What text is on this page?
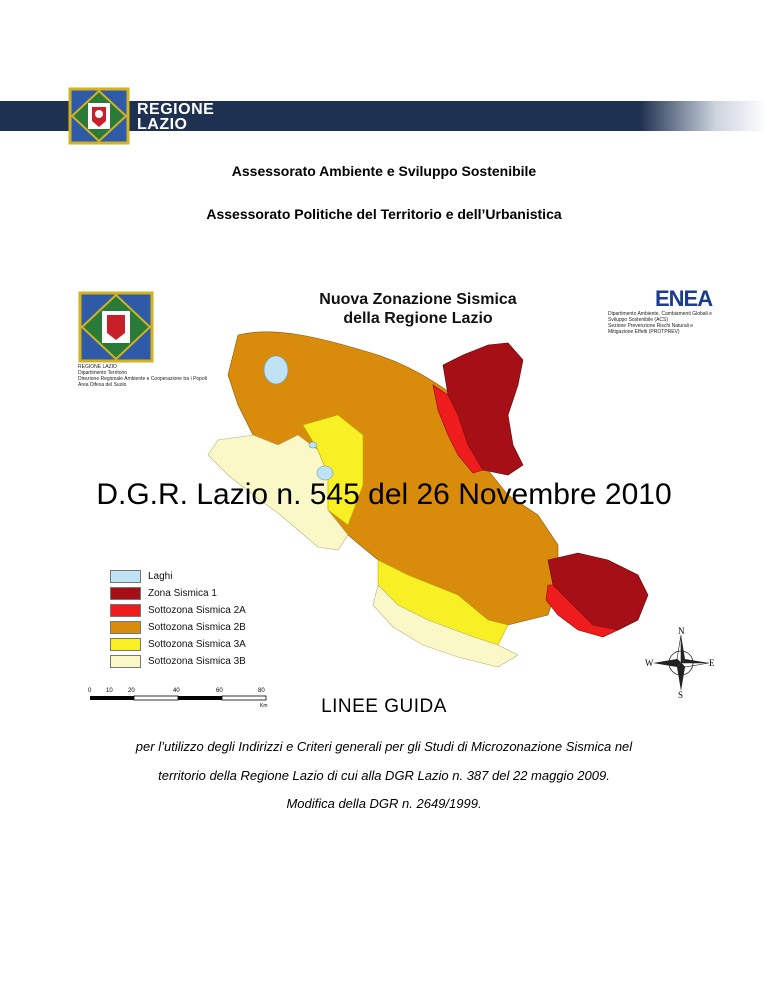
REGIONE
LAZIO
Assessorato Ambiente e Sviluppo Sostenibile
Assessorato Politiche del Territorio e dell’Urbanistica
Nuova Zonazione Sismica
della Regione Lazio
REGIONE LAZIO
Dipartimento Territorio
Direzione Regionale Ambiente e Cooperazione tra i Popoli
Area Difesa del Suolo
ENEA
Dipartimento Ambiente, Cambiamenti Globali e
Sviluppo Sostenibile (ACS)
Sezione Prevenzione Rischi Naturali e
Mitigazione Effetti (PROTPREV)
D.G.R. Lazio n. 545 del 26 Novembre 2010
Laghi
Zona Sismica 1
Sottozona Sismica 2A
Sottozona Sismica 2B
Sottozona Sismica 3A
Sottozona Sismica 3B
0 10	20	40	60	80
Km
N
S
W	E
LINEE GUIDA
per l’utilizzo degli Indirizzi e Criteri generali per gli Studi di Microzonazione Sismica nel
territorio della Regione Lazio di cui alla DGR Lazio n. 387 del 22 maggio 2009.
Modifica della DGR n. 2649/1999.
